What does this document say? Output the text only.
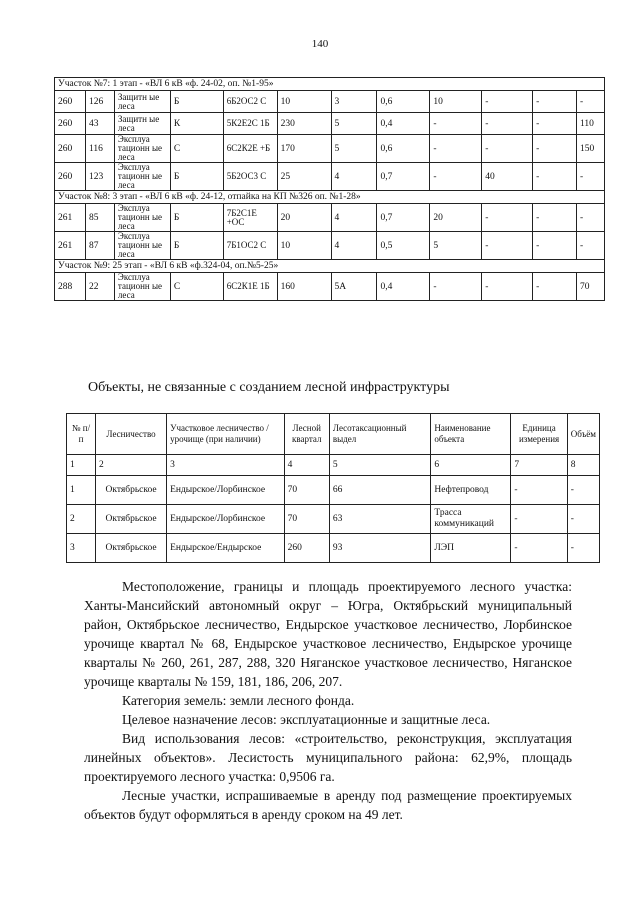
140
Участок №7: 1 этап - «ВЛ 6 кВ «ф. 24-02, оп. №1-95»											
260	126	Защитн ые леса	Б	6Б2ОС2 С	10	3	0,6	10	-	-	-
260	43	Защитн ые леса	К	5К2Е2С 1Б	230	5	0,4	-	-	-	110
260	116	Эксплуа тационн ые леса	С	6С2К2Е +Б	170	5	0,6	-	-	-	150
260	123	Эксплуа тационн ые леса	Б	5Б2ОС3 С	25	4	0,7	-	40	-	-
Участок №8: 3 этап - «ВЛ 6 кВ «ф. 24-12, отпайка на КП №326 оп. №1-28»											
261	85	Эксплуа тационн ые леса	Б	7Б2С1Е +ОС	20	4	0,7	20	-	-	-
261	87	Эксплуа тационн ые леса	Б	7Б1ОС2 С	10	4	0,5	5	-	-	-
Участок №9: 25 этап - «ВЛ 6 кВ «ф.324-04, оп.№5-25»											
288	22	Эксплуа тационн ые леса	С	6С2К1Е 1Б	160	5А	0,4	-	-	-	70
Объекты, не связанные с созданием лесной инфраструктуры
№ п/п	Лесничество	Участковое лесничество /урочище (при наличии)	Лесной квартал	Лесотаксационный выдел	Наименование объекта	Единица измерения	Объём
1	2	3	4	5	6	7	8
1	Октябрьское	Ендырское/Лорбинское	70	66	Нефтепровод	-	-
2	Октябрьское	Ендырское/Лорбинское	70	63	Трасса коммуникаций	-	-
3	Октябрьское	Ендырское/Ендырское	260	93	ЛЭП	-	-

Местоположение, границы и площадь проектируемого лесного участка: Ханты-Мансийский автономный округ – Югра, Октябрьский муниципальный район, Октябрьское лесничество, Ендырское участковое лесничество, Лорбинское урочище квартал № 68, Ендырское участковое лесничество, Ендырское урочище кварталы № 260, 261, 287, 288, 320 Няганское участковое лесничество, Няганское урочище кварталы № 159, 181, 186, 206, 207.

Категория земель: земли лесного фонда.

Целевое назначение лесов: эксплуатационные и защитные леса.

Вид использования лесов: «строительство, реконструкция, эксплуатация линейных объектов». Лесистость муниципального района: 62,9%, площадь проектируемого лесного участка: 0,9506 га.

Лесные участки, испрашиваемые в аренду под размещение проектируемых объектов будут оформляться в аренду сроком на 49 лет.
